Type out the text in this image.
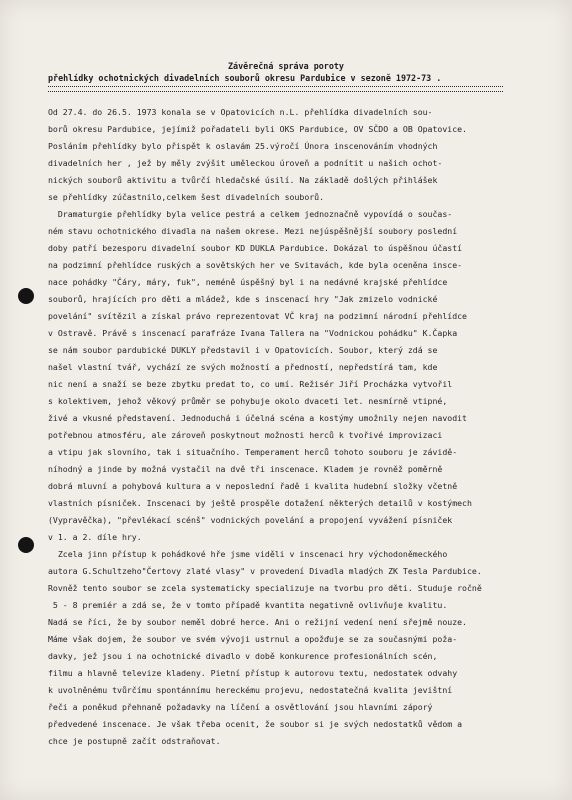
Závěrečná správa poroty
přehlídky ochotnických divadelních souborů okresu Pardubice v sezoně 1972-73 .
Od 27.4. do 26.5. 1973 konala se v Opatovicích n.L. přehlídka divadelních sou-
borů okresu Pardubice, jejímiž pořadateli byli OKS Pardubice, OV SČDO a OB Opatovice.
Posláním přehlídky bylo přispět k oslavám 25.výročí Února inscenováním vhodných
divadelních her , jež by měly zvýšit uměleckou úroveň a podnítit u našich ochot-
nických souborů aktivitu a tvůrčí hledačské úsilí. Na základě došlých přihlášek
se přehlídky zúčastnilo,celkem šest divadelních souborů.
Dramaturgie přehlídky byla velice pestrá a celkem jednoznačně vypovídá o součas-
ném stavu ochotnického divadla na našem okrese. Mezi nejúspěšnější soubory poslední
doby patří bezesporu divadelní soubor KD DUKLA Pardubice. Dokázal to úspěšnou účastí
na podzimní přehlídce ruských a sovětských her ve Svitavách, kde byla oceněna insce-
nace pohádky "Čáry, máry, fuk", neméně úspěšný byl i na nedávné krajské přehlídce
souborů, hrajících pro děti a mládež, kde s inscenací hry "Jak zmizelo vodnické
povelání" svítězil a získal právo reprezentovat VČ kraj na podzimní národní přehlídce
v Ostravě. Právě s inscenací parafráze Ivana Tallera na "Vodnickou pohádku" K.Čapka
se nám soubor pardubické DUKLY představil i v Opatovicích. Soubor, který zdá se
našel vlastní tvář, vychází ze svých možností a předností, nepředstírá tam, kde
nic není a snaží se beze zbytku predat to, co umí. Režisér Jiří Procházka vytvořil
s kolektivem, jehož věkový průměr se pohybuje okolo dvaceti let. nesmírně vtipné,
živé a vkusné představení. Jednoduchá i účelná scéna a kostýmy umožnily nejen navodit
potřebnou atmosféru, ale zároveň poskytnout možnosti herců k tvořivé improvizaci
a vtipu jak slovního, tak i situačního. Temperament herců tohoto souboru je závidě-
níhodný a jinde by možná vystačil na dvě tři inscenace. Kladem je rovněž poměrně
dobrá mluvní a pohybová kultura a v neposlední řadě i kvalita hudební složky včetně
vlastních písniček. Inscenaci by ještě prospěle dotažení některých detailů v kostýmech
(Vypravěčka), "převlékací scénš" vodnických povelání a propojení vyvážení písniček
v 1. a 2. díle hry.
Zcela jinn přístup k pohádkové hře jsme viděli v inscenaci hry východoněmeckého
autora G.Schultzeho"Čertovy zlaté vlasy" v provedení Divadla mladých ZK Tesla Pardubice.
Rovněž tento soubor se zcela systematicky specializuje na tvorbu pro děti. Studuje ročně
5 - 8 premiér a zdá se, že v tomto případě kvantita negativně ovlivňuje kvalitu.
Nadá se říci, že by soubor neměl dobré herce. Ani o režijní vedení není sřejmě nouze.
Máme však dojem, že soubor ve svém vývoji ustrnul a opožďuje se za současnými poža-
davky, jež jsou i na ochotnické divadlo v době konkurence profesionálních scén,
filmu a hlavně televize kladeny. Pietní přístup k autorovu textu, nedostatek odvahy
k uvolněnému tvůrčímu spontánnímu hereckému projevu, nedostatečná kvalita jevištní
řeči a poněkud přehnaně požadavky na líčení a osvětlování jsou hlavními záporý
předvedené inscenace. Je však třeba ocenit, že soubor si je svých nedostatků vědom a
chce je postupně začít odstraňovat.
